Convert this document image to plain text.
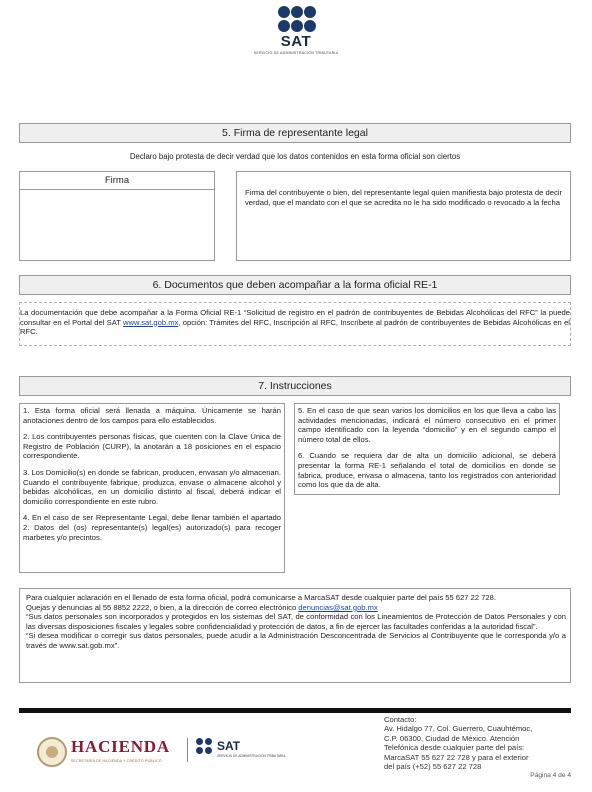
SAT
SERVICIO DE ADMINISTRACIÓN TRIBUTARIA
5. Firma de representante legal
Declaro bajo protesta de decir verdad que los datos contenidos en esta forma oficial son ciertos
Firma

Firma del contribuyente o bien, del representante legal quien manifiesta bajo protesta de decir verdad, que el mandato con el que se acredita no le ha sido modificado o revocado a la fecha

6. Documentos que deben acompañar a la forma oficial RE-1

La documentación que debe acompañar a la Forma Oficial RE-1 “Solicitud de registro en el padrón de contribuyentes de Bebidas Alcohólicas del RFC” la puede consultar en el Portal del SAT www.sat.gob.mx, opción: Trámites del RFC, Inscripción al RFC, Inscríbete al padrón de contribuyentes de Bebidas Alcohólicas en el RFC.

7. Instrucciones

1. Esta forma oficial será llenada a máquina. Únicamente se harán anotaciones dentro de los campos para ello establecidos.

2. Los contribuyentes personas físicas, que cuenten con la Clave Única de Registro de Población (CURP), la anotarán a 18 posiciones en el espacio correspondiente.

3. Los Domicilio(s) en donde se fabrican, producen, envasan y/o almacenan. Cuando el contribuyente fabrique, produzca, envase o almacene alcohol y bebidas alcohólicas, en un domicilio distinto al fiscal, deberá indicar el domicilio correspondiente en este rubro.

4. En el caso de ser Representante Legal, debe llenar también el apartado 2. Datos del (os) representante(s) legal(es) autorizado(s) para recoger marbetes y/o precintos.

5. En el caso de que sean varios los domicilios en los que lleva a cabo las actividades mencionadas, indicará el número consecutivo en el primer campo identificado con la leyenda “domicilio” y en el segundo campo el número total de ellos.

6. Cuando se requiera dar de alta un domicilio adicional, se deberá presentar la forma RE-1 señalando el total de domicilios en donde se fabrica, produce, envasa o almacena, tanto los registrados con anterioridad como los que da de alta.

Para cualquier aclaración en el llenado de esta forma oficial, podrá comunicarse a MarcaSAT desde cualquier parte del país 55 627 22 728.

Quejas y denuncias al 55 8852 2222, o bien, a la dirección de correo electrónico denuncias@sat.gob.mx

“Sus datos personales son incorporados y protegidos en los sistemas del SAT, de conformidad con los Lineamientos de Protección de Datos Personales y con las diversas disposiciones fiscales y legales sobre confidencialidad y protección de datos, a fin de ejercer las facultades conferidas a la autoridad fiscal”.

“Si desea modificar o corregir sus datos personales, puede acudir a la Administración Desconcentrada de Servicios al Contribuyente que le corresponda y/o a través de www.sat.gob.mx”.

HACIENDA
SECRETARÍA DE HACIENDA Y CRÉDITO PÚBLICO
SAT
SERVICIO DE ADMINISTRACIÓN TRIBUTARIA
Contacto:
Av. Hidalgo 77, Col. Guerrero, Cuauhtémoc,
C.P. 06300, Ciudad de México. Atención
Telefónica desde cualquier parte del país:
MarcaSAT 55 627 22 728 y para el exterior
del país (+52) 55 627 22 728
Página 4 de 4
